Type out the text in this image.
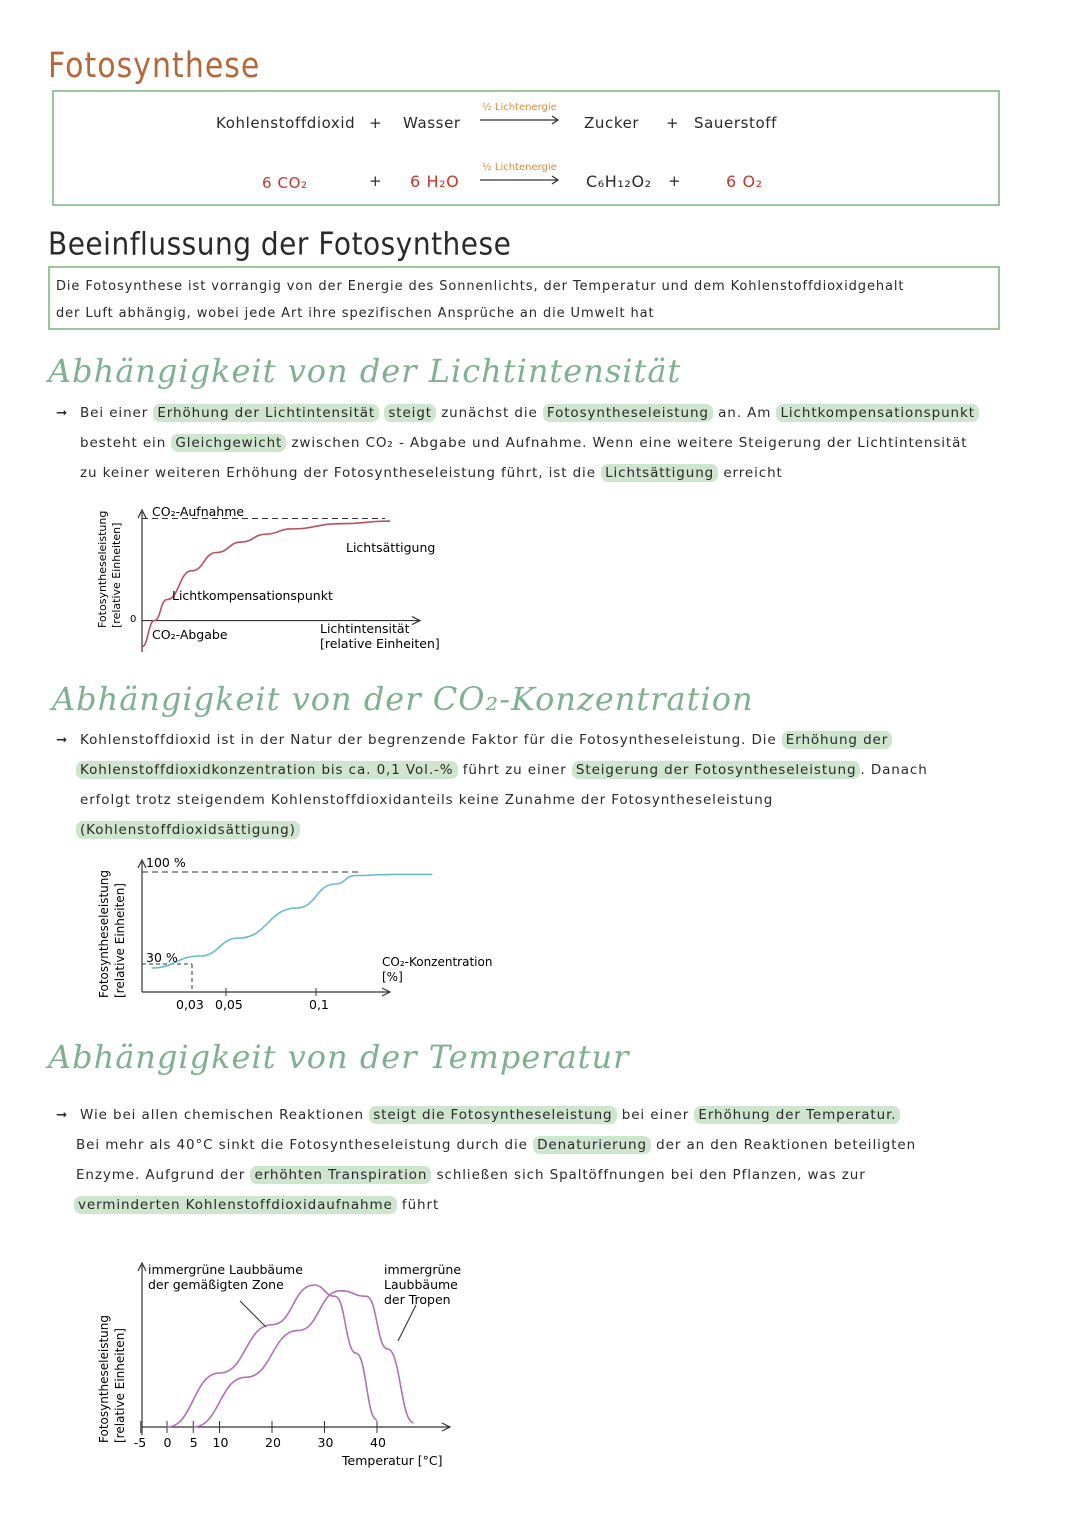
Fotosynthese
Kohlenstoffdioxid + Wasser
½ Lichtenergie
Zucker + Sauerstoff
6 CO₂	+ 6 H₂O
½ Lichtenergie
C₆H₁₂O₂ +	6 O₂
Beeinflussung der Fotosynthese
Die Fotosynthese ist vorrangig von der Energie des Sonnenlichts, der Temperatur und dem Kohlenstoffdioxidgehalt
der Luft abhängig, wobei jede Art ihre spezifischen Ansprüche an die Umwelt hat
Abhängigkeit von der Lichtintensität
➞ Bei einer Erhöhung der Lichtintensität steigt zunächst die Fotosyntheseleistung an. Am Lichtkompensationspunkt
besteht ein Gleichgewicht zwischen CO₂ - Abgabe und Aufnahme. Wenn eine weitere Steigerung der Lichtintensität
zu keiner weiteren Erhöhung der Fotosyntheseleistung führt, ist die Lichtsättigung erreicht
Fotosyntheseleistung [relative Einheiten]
CO₂-Aufnahme
CO₂-Abgabe
0
Lichtsättigung
Lichtkompensationspunkt
Lichtintensität
[relative Einheiten]
Abhängigkeit von der CO₂-Konzentration
➞ Kohlenstoffdioxid ist in der Natur der begrenzende Faktor für die Fotosyntheseleistung. Die Erhöhung der
Kohlenstoffdioxidkonzentration bis ca. 0,1 Vol.-% führt zu einer Steigerung der Fotosyntheseleistung . Danach
erfolgt trotz steigendem Kohlenstoffdioxidanteils keine Zunahme der Fotosyntheseleistung
(Kohlenstoffdioxidsättigung)
Fotosyntheseleistung [relative Einheiten]
100 %
30 %
0,03 0,05	0,1
CO₂-Konzentration
[%]
Abhängigkeit von der Temperatur
➞ Wie bei allen chemischen Reaktionen steigt die Fotosyntheseleistung bei einer Erhöhung der Temperatur.
Bei mehr als 40°C sinkt die Fotosyntheseleistung durch die Denaturierung der an den Reaktionen beteiligten
Enzyme. Aufgrund der erhöhten Transpiration schließen sich Spaltöffnungen bei den Pflanzen, was zur
verminderten Kohlenstoffdioxidaufnahme führt
Fotosyntheseleistung [relative Einheiten] -5 0 5 10	20	30	40
immergrüne Laubbäume
der gemäßigten Zone
immergrüne
Laubbäume
der Tropen
Temperatur [°C]
